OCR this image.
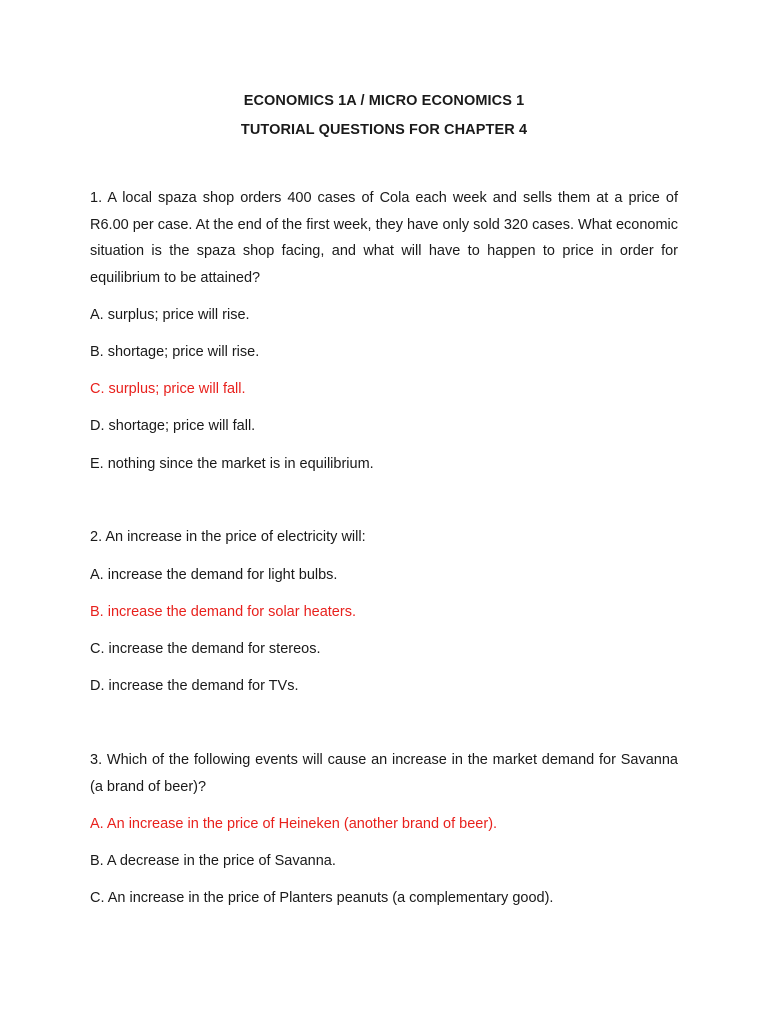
ECONOMICS 1A / MICRO ECONOMICS 1
TUTORIAL QUESTIONS FOR CHAPTER 4
1. A local spaza shop orders 400 cases of Cola each week and sells them at a price of R6.00 per case. At the end of the first week, they have only sold 320 cases. What economic situation is the spaza shop facing, and what will have to happen to price in order for equilibrium to be attained?
A. surplus; price will rise.
B. shortage; price will rise.
C. surplus; price will fall.
D. shortage; price will fall.
E. nothing since the market is in equilibrium.
2. An increase in the price of electricity will:
A. increase the demand for light bulbs.
B. increase the demand for solar heaters.
C. increase the demand for stereos.
D. increase the demand for TVs.
3. Which of the following events will cause an increase in the market demand for Savanna (a brand of beer)?
A. An increase in the price of Heineken (another brand of beer).
B. A decrease in the price of Savanna.
C. An increase in the price of Planters peanuts (a complementary good).
